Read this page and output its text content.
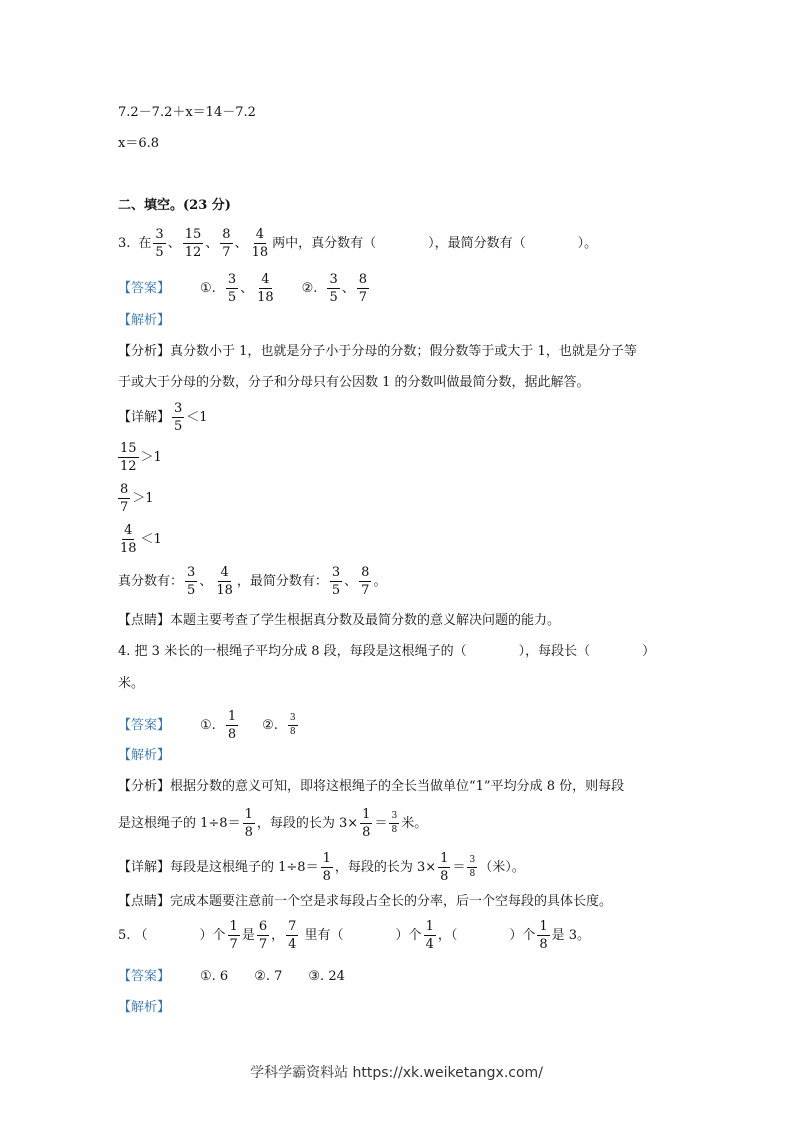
7.2－7.2＋x＝14－7.2
x＝6.8
二、填空。(23 分)
3. 在 $\frac{3}{5}$ 、 $\frac{15}{12}$ 、 $\frac{8}{7}$ 、 $\frac{4}{18}$ 两中，真分数有（　　　　），最简分数有（　　　　）。
【答案】 ①. $\frac{3}{5}$ 、 $\frac{4}{18}$ ②. $\frac{3}{5}$ 、 $\frac{8}{7}$
【解析】
【分析】真分数小于 1，也就是分子小于分母的分数；假分数等于或大于 1，也就是分子等
于或大于分母的分数，分子和分母只有公因数 1 的分数叫做最简分数，据此解答。
【详解】 $\frac{3}{5} <1$
$\frac{15}{12} >1$
$\frac{8}{7} >1$
$\frac{4}{18} <1$
真分数有： $\frac{3}{5}$ 、 $\frac{4}{18}$ ，最简分数有： $\frac{3}{5}$ 、 $\frac{8}{7}$ 。
【点睛】本题主要考查了学生根据真分数及最简分数的意义解决问题的能力。
4. 把 3 米长的一根绳子平均分成 8 段，每段是这根绳子的（　　　　），每段长（　　　　）
米。
【答案】 ①. $\frac{1}{8}$ ②. $\frac{3}{8}$
【解析】
【分析】根据分数的意义可知，即将这根绳子的全长当做单位“1”平均分成 8 份，则每段
是这根绳子的 $1\div 8= \frac{1}{8}$ ，每段的长为 $3\times \frac{1}{8} = \frac{3}{8}$ 米。
【详解】每段是这根绳子的 $1\div 8= \frac{1}{8}$ ，每段的长为 $3\times \frac{1}{8} = \frac{3}{8}$ （米）。
【点睛】完成本题要注意前一个空是求每段占全长的分率，后一个空每段的具体长度。
5. （　　　　）个 $\frac{1}{7}$ 是 $\frac{6}{7}$ ， $\frac{7}{4}$ 里有（　　　　）个 $\frac{1}{4}$ ，（　　　　）个 $\frac{1}{8}$ 是 3。
【答案】 ①. 6　　②. 7　　③. 24
【解析】
学科学霸资料站 https://xk.weiketangx.com/
